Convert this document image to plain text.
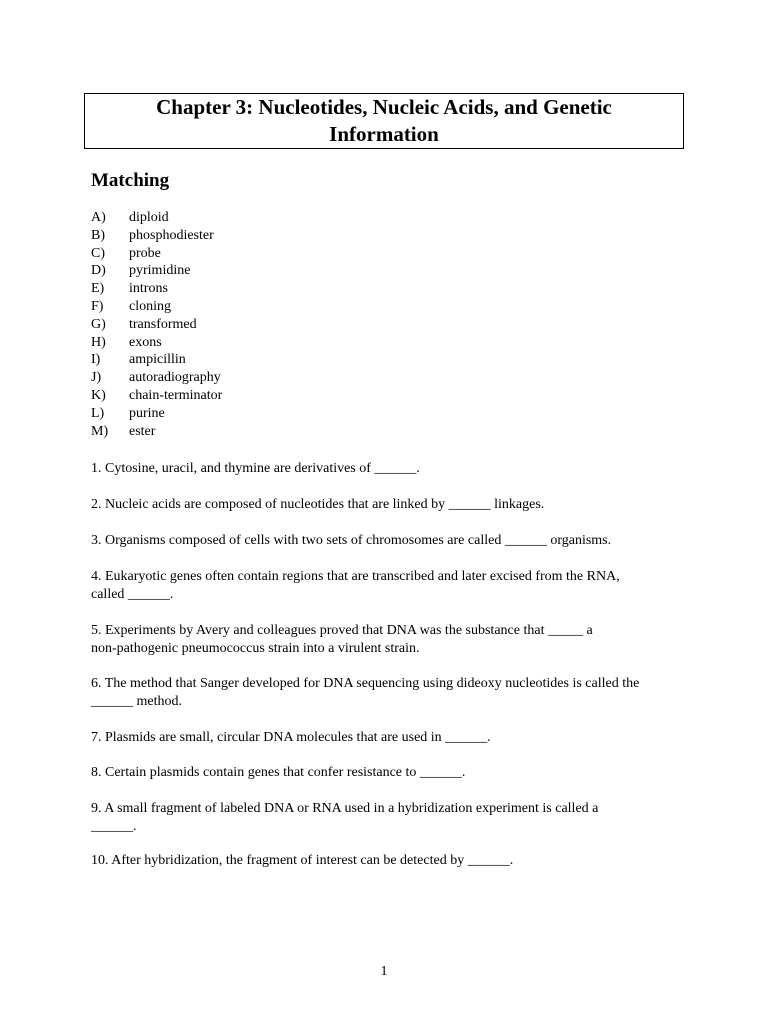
Chapter 3: Nucleotides, Nucleic Acids, and Genetic
Information
Matching
A)	diploid
B)	phosphodiester
C)	probe
D)	pyrimidine
E)	introns
F)	cloning
G)	transformed
H)	exons
I)	ampicillin
J)	autoradiography
K)	chain-terminator
L)	purine
M)	ester
1. Cytosine, uracil, and thymine are derivatives of ______.
2. Nucleic acids are composed of nucleotides that are linked by ______ linkages.
3. Organisms composed of cells with two sets of chromosomes are called ______ organisms.
4. Eukaryotic genes often contain regions that are transcribed and later excised from the RNA,
called ______.
5. Experiments by Avery and colleagues proved that DNA was the substance that _____ a
non-pathogenic pneumococcus strain into a virulent strain.
6. The method that Sanger developed for DNA sequencing using dideoxy nucleotides is called the
______ method.
7. Plasmids are small, circular DNA molecules that are used in ______.
8. Certain plasmids contain genes that confer resistance to ______.
9. A small fragment of labeled DNA or RNA used in a hybridization experiment is called a
______.
10. After hybridization, the fragment of interest can be detected by ______.
1
